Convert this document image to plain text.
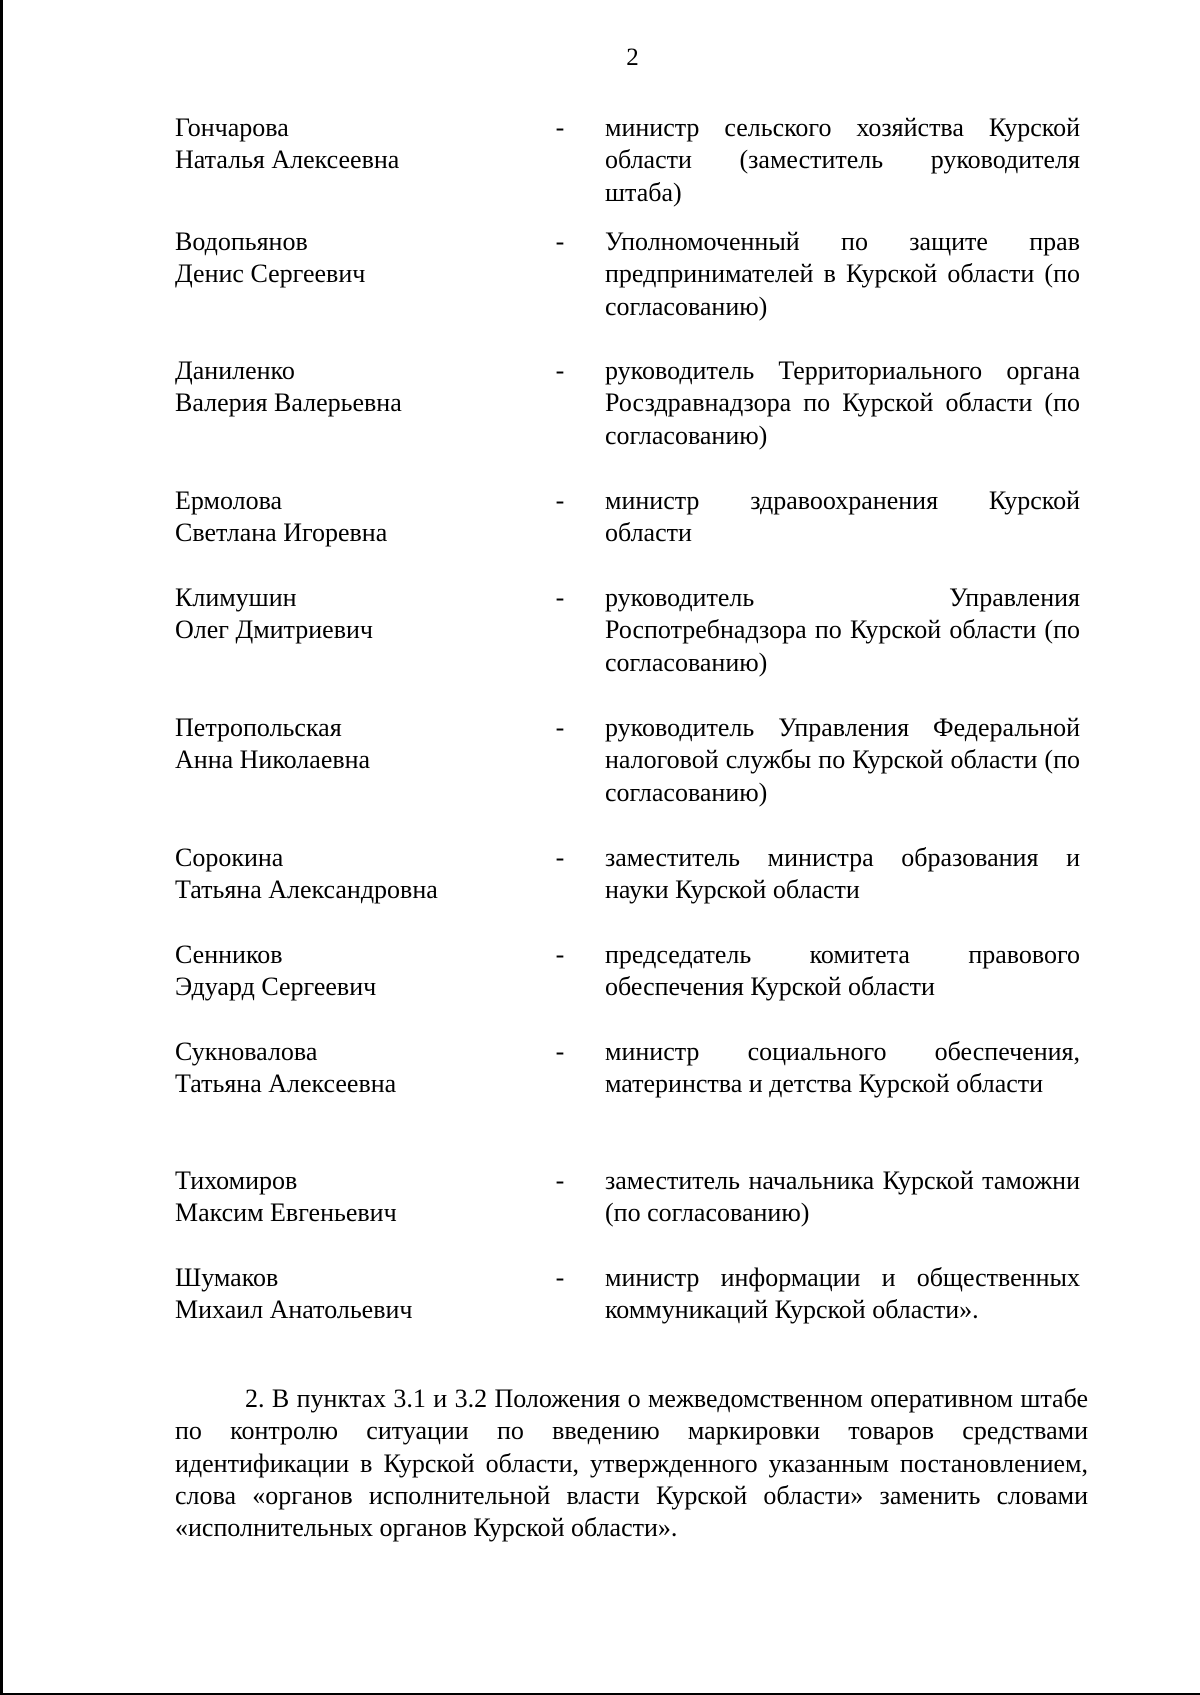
2
Гончарова
Наталья Алексеевна
- министр сельского хозяйства Курской области (заместитель руководителя штаба)
Водопьянов
Денис Сергеевич
- Уполномоченный по защите прав предпринимателей в Курской области (по согласованию)
Даниленко
Валерия Валерьевна
- руководитель Территориального органа Росздравнадзора по Курской области (по согласованию)
Ермолова
Светлана Игоревна
- министр здравоохранения Курской области
Климушин
Олег Дмитриевич
- руководитель Управления Роспотребнадзора по Курской области (по согласованию)
Петропольская
Анна Николаевна
- руководитель Управления Федеральной налоговой службы по Курской области (по согласованию)
Сорокина
Татьяна Александровна
- заместитель министра образования и науки Курской области
Сенников
Эдуард Сергеевич
- председатель комитета правового обеспечения Курской области
Сукновалова
Татьяна Алексеевна
- министр социального обеспечения, материнства и детства Курской области
Тихомиров
Максим Евгеньевич
- заместитель начальника Курской таможни (по согласованию)
Шумаков
Михаил Анатольевич
- министр информации и общественных коммуникаций Курской области».

2. В пунктах 3.1 и 3.2 Положения о межведомственном оперативном штабе по контролю ситуации по введению маркировки товаров средствами идентификации в Курской области, утвержденного указанным постановлением, слова «органов исполнительной власти Курской области» заменить словами «исполнительных органов Курской области».
